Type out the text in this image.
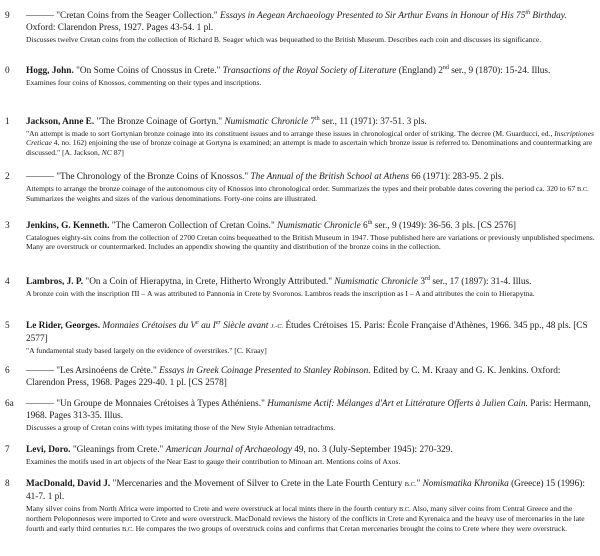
9 ——— "Cretan Coins from the Seager Collection." Essays in Aegean Archaeology Presented to Sir Arthur Evans in Honour of His 75th Birthday. Oxford: Clarendon Press, 1927. Pages 43-54. 1 pl.
Discusses twelve Cretan coins from the collection of Richard B. Seager which was bequeathed to the British Museum. Describes each coin and discusses its significance.
0 Hogg, John. "On Some Coins of Cnossus in Crete." Transactions of the Royal Society of Literature (England) 2nd ser., 9 (1870): 15-24. Illus.
Examines four coins of Knossos, commenting on their types and inscriptions.
1 Jackson, Anne E. "The Bronze Coinage of Gortyn." Numismatic Chronicle 7th ser., 11 (1971): 37-51. 3 pls.
"An attempt is made to sort Gortynian bronze coinage into its constituent issues and to arrange these issues in chronological order of striking. The decree (M. Guarducci, ed., Inscriptiones Creticae 4, no. 162) enjoining the use of bronze coinage at Gortyna is examined; an attempt is made to ascertain which bronze issue is referred to. Denominations and countermarking are discussed." [A. Jackson, NC 87]
2 ——— "The Chronology of the Bronze Coins of Knossos." The Annual of the British School at Athens 66 (1971): 283-95. 2 pls.
Attempts to arrange the bronze coinage of the autonomous city of Knossos into chronological order. Summarizes the types and their probable dates covering the period ca. 320 to 67 B.C. Summarizes the weights and sizes of the various denominations. Forty-one coins are illustrated.
3 Jenkins, G. Kenneth. "The Cameron Collection of Cretan Coins." Numismatic Chronicle 6th ser., 9 (1949): 36-56. 3 pls. [CS 2576]
Catalogues eighty-six coins from the collection of 2700 Cretan coins bequeathed to the British Museum in 1947. Those published here are variations or previously unpublished specimens. Many are overstruck or countermarked. Includes an appendix showing the quantity and distribution of the bronze coins in the collection.
4 Lambros, J. P. "On a Coin of Hierapytna, in Crete, Hitherto Wrongly Attributed." Numismatic Chronicle 3rd ser., 17 (1897): 31-4. Illus.
A bronze coin with the inscription ΠΙ – A was attributed to Pannonia in Crete by Svoronos. Lambros reads the inscription as I – A and attributes the coin to Hierapytna.
5 Le Rider, Georges. Monnaies Crétoises du Ve au Ier Siècle avant J.-C. Études Crétoises 15. Paris: École Française d'Athènes, 1966. 345 pp., 48 pls. [CS 2577]
"A fundamental study based largely on the evidence of overstrikes." [C. Kraay]
6 ——— "Les Arsinoéens de Crète." Essays in Greek Coinage Presented to Stanley Robinson. Edited by C. M. Kraay and G. K. Jenkins. Oxford: Clarendon Press, 1968. Pages 229-40. 1 pl. [CS 2578]
6a ——— "Un Groupe de Monnaies Crétoises à Types Athéniens." Humanisme Actif: Mélanges d'Art et Littérature Offerts à Julien Cain. Paris: Hermann, 1968. Pages 313-35. Illus.
Discusses a group of Cretan coins with types imitating those of the New Style Athenian tetradrachms.
7 Levi, Doro. "Gleanings from Crete." American Journal of Archaeology 49, no. 3 (July-September 1945): 270-329.
Examines the motifs used in art objects of the Near East to gauge their contribution to Minoan art. Mentions coins of Axos.
8 MacDonald, David J. "Mercenaries and the Movement of Silver to Crete in the Late Fourth Century B.C." Nomismatika Khronika (Greece) 15 (1996): 41-7. 1 pl.
Many silver coins from North Africa were imported to Crete and were overstruck at local mints there in the fourth century B.C. Also, many silver coins from Central Greece and the northern Peloponnesos were imported to Crete and were overstruck. MacDonald reviews the history of the conflicts in Crete and Kyrenaica and the heavy use of mercenaries in the late fourth and early third centuries B.C. He compares the two groups of overstruck coins and confirms that Cretan mercenaries brought the coins to Crete where they were overstruck.
